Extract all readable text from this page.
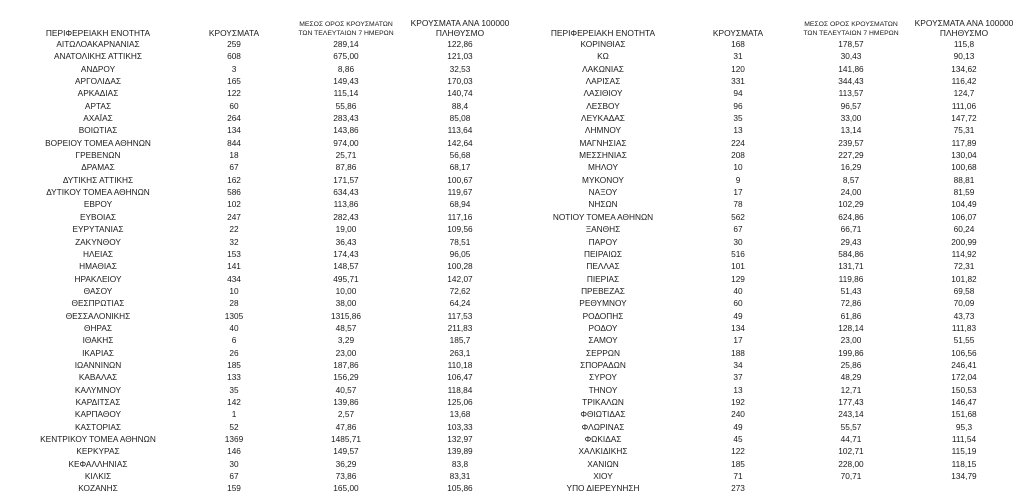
ΠΕΡΙΦΕΡΕΙΑΚΗ ΕΝΟΤΗΤΑ	ΚΡΟΥΣΜΑΤΑ	ΜΕΣΟΣ ΟΡΟΣ ΚΡΟΥΣΜΑΤΩΝ
ΤΩΝ ΤΕΛΕΥΤΑΙΩΝ 7 ΗΜΕΡΩΝ	ΚΡΟΥΣΜΑΤΑ ΑΝΑ 100000
ΠΛΗΘΥΣΜΟ
ΑΙΤΩΛΟΑΚΑΡΝΑΝΙΑΣ	259	289,14	122,86
ΑΝΑΤΟΛΙΚΗΣ ΑΤΤΙΚΗΣ	608	675,00	121,03
ΑΝΔΡΟΥ	3	8,86	32,53
ΑΡΓΟΛΙΔΑΣ	165	149,43	170,03
ΑΡΚΑΔΙΑΣ	122	115,14	140,74
ΑΡΤΑΣ	60	55,86	88,4
ΑΧΑΪΑΣ	264	283,43	85,08
ΒΟΙΩΤΙΑΣ	134	143,86	113,64
ΒΟΡΕΙΟΥ ΤΟΜΕΑ ΑΘΗΝΩΝ	844	974,00	142,64
ΓΡΕΒΕΝΩΝ	18	25,71	56,68
ΔΡΑΜΑΣ	67	87,86	68,17
ΔΥΤΙΚΗΣ ΑΤΤΙΚΗΣ	162	171,57	100,67
ΔΥΤΙΚΟΥ ΤΟΜΕΑ ΑΘΗΝΩΝ	586	634,43	119,67
ΕΒΡΟΥ	102	113,86	68,94
ΕΥΒΟΙΑΣ	247	282,43	117,16
ΕΥΡΥΤΑΝΙΑΣ	22	19,00	109,56
ΖΑΚΥΝΘΟΥ	32	36,43	78,51
ΗΛΕΙΑΣ	153	174,43	96,05
ΗΜΑΘΙΑΣ	141	148,57	100,28
ΗΡΑΚΛΕΙΟΥ	434	495,71	142,07
ΘΑΣΟΥ	10	10,00	72,62
ΘΕΣΠΡΩΤΙΑΣ	28	38,00	64,24
ΘΕΣΣΑΛΟΝΙΚΗΣ	1305	1315,86	117,53
ΘΗΡΑΣ	40	48,57	211,83
ΙΘΑΚΗΣ	6	3,29	185,7
ΙΚΑΡΙΑΣ	26	23,00	263,1
ΙΩΑΝΝΙΝΩΝ	185	187,86	110,18
ΚΑΒΑΛΑΣ	133	156,29	106,47
ΚΑΛΥΜΝΟΥ	35	40,57	118,84
ΚΑΡΔΙΤΣΑΣ	142	139,86	125,06
ΚΑΡΠΑΘΟΥ	1	2,57	13,68
ΚΑΣΤΟΡΙΑΣ	52	47,86	103,33
ΚΕΝΤΡΙΚΟΥ ΤΟΜΕΑ ΑΘΗΝΩΝ	1369	1485,71	132,97
ΚΕΡΚΥΡΑΣ	146	149,57	139,89
ΚΕΦΑΛΛΗΝΙΑΣ	30	36,29	83,8
ΚΙΛΚΙΣ	67	73,86	83,31
ΚΟΖΑΝΗΣ	159	165,00	105,86
ΠΕΡΙΦΕΡΕΙΑΚΗ ΕΝΟΤΗΤΑ	ΚΡΟΥΣΜΑΤΑ	ΜΕΣΟΣ ΟΡΟΣ ΚΡΟΥΣΜΑΤΩΝ
ΤΩΝ ΤΕΛΕΥΤΑΙΩΝ 7 ΗΜΕΡΩΝ	ΚΡΟΥΣΜΑΤΑ ΑΝΑ 100000
ΠΛΗΘΥΣΜΟ
ΚΟΡΙΝΘΙΑΣ	168	178,57	115,8
ΚΩ	31	30,43	90,13
ΛΑΚΩΝΙΑΣ	120	141,86	134,62
ΛΑΡΙΣΑΣ	331	344,43	116,42
ΛΑΣΙΘΙΟΥ	94	113,57	124,7
ΛΕΣΒΟΥ	96	96,57	111,06
ΛΕΥΚΑΔΑΣ	35	33,00	147,72
ΛΗΜΝΟΥ	13	13,14	75,31
ΜΑΓΝΗΣΙΑΣ	224	239,57	117,89
ΜΕΣΣΗΝΙΑΣ	208	227,29	130,04
ΜΗΛΟΥ	10	16,29	100,68
ΜΥΚΟΝΟΥ	9	8,57	88,81
ΝΑΞΟΥ	17	24,00	81,59
ΝΗΣΩΝ	78	102,29	104,49
ΝΟΤΙΟΥ ΤΟΜΕΑ ΑΘΗΝΩΝ	562	624,86	106,07
ΞΑΝΘΗΣ	67	66,71	60,24
ΠΑΡΟΥ	30	29,43	200,99
ΠΕΙΡΑΙΩΣ	516	584,86	114,92
ΠΕΛΛΑΣ	101	131,71	72,31
ΠΙΕΡΙΑΣ	129	119,86	101,82
ΠΡΕΒΕΖΑΣ	40	51,43	69,58
ΡΕΘΥΜΝΟΥ	60	72,86	70,09
ΡΟΔΟΠΗΣ	49	61,86	43,73
ΡΟΔΟΥ	134	128,14	111,83
ΣΑΜΟΥ	17	23,00	51,55
ΣΕΡΡΩΝ	188	199,86	106,56
ΣΠΟΡΑΔΩΝ	34	25,86	246,41
ΣΥΡΟΥ	37	48,29	172,04
ΤΗΝΟΥ	13	12,71	150,53
ΤΡΙΚΑΛΩΝ	192	177,43	146,47
ΦΘΙΩΤΙΔΑΣ	240	243,14	151,68
ΦΛΩΡΙΝΑΣ	49	55,57	95,3
ΦΩΚΙΔΑΣ	45	44,71	111,54
ΧΑΛΚΙΔΙΚΗΣ	122	102,71	115,19
ΧΑΝΙΩΝ	185	228,00	118,15
ΧΙΟΥ	71	70,71	134,79
ΥΠΟ ΔΙΕΡΕΥΝΗΣΗ	273		
